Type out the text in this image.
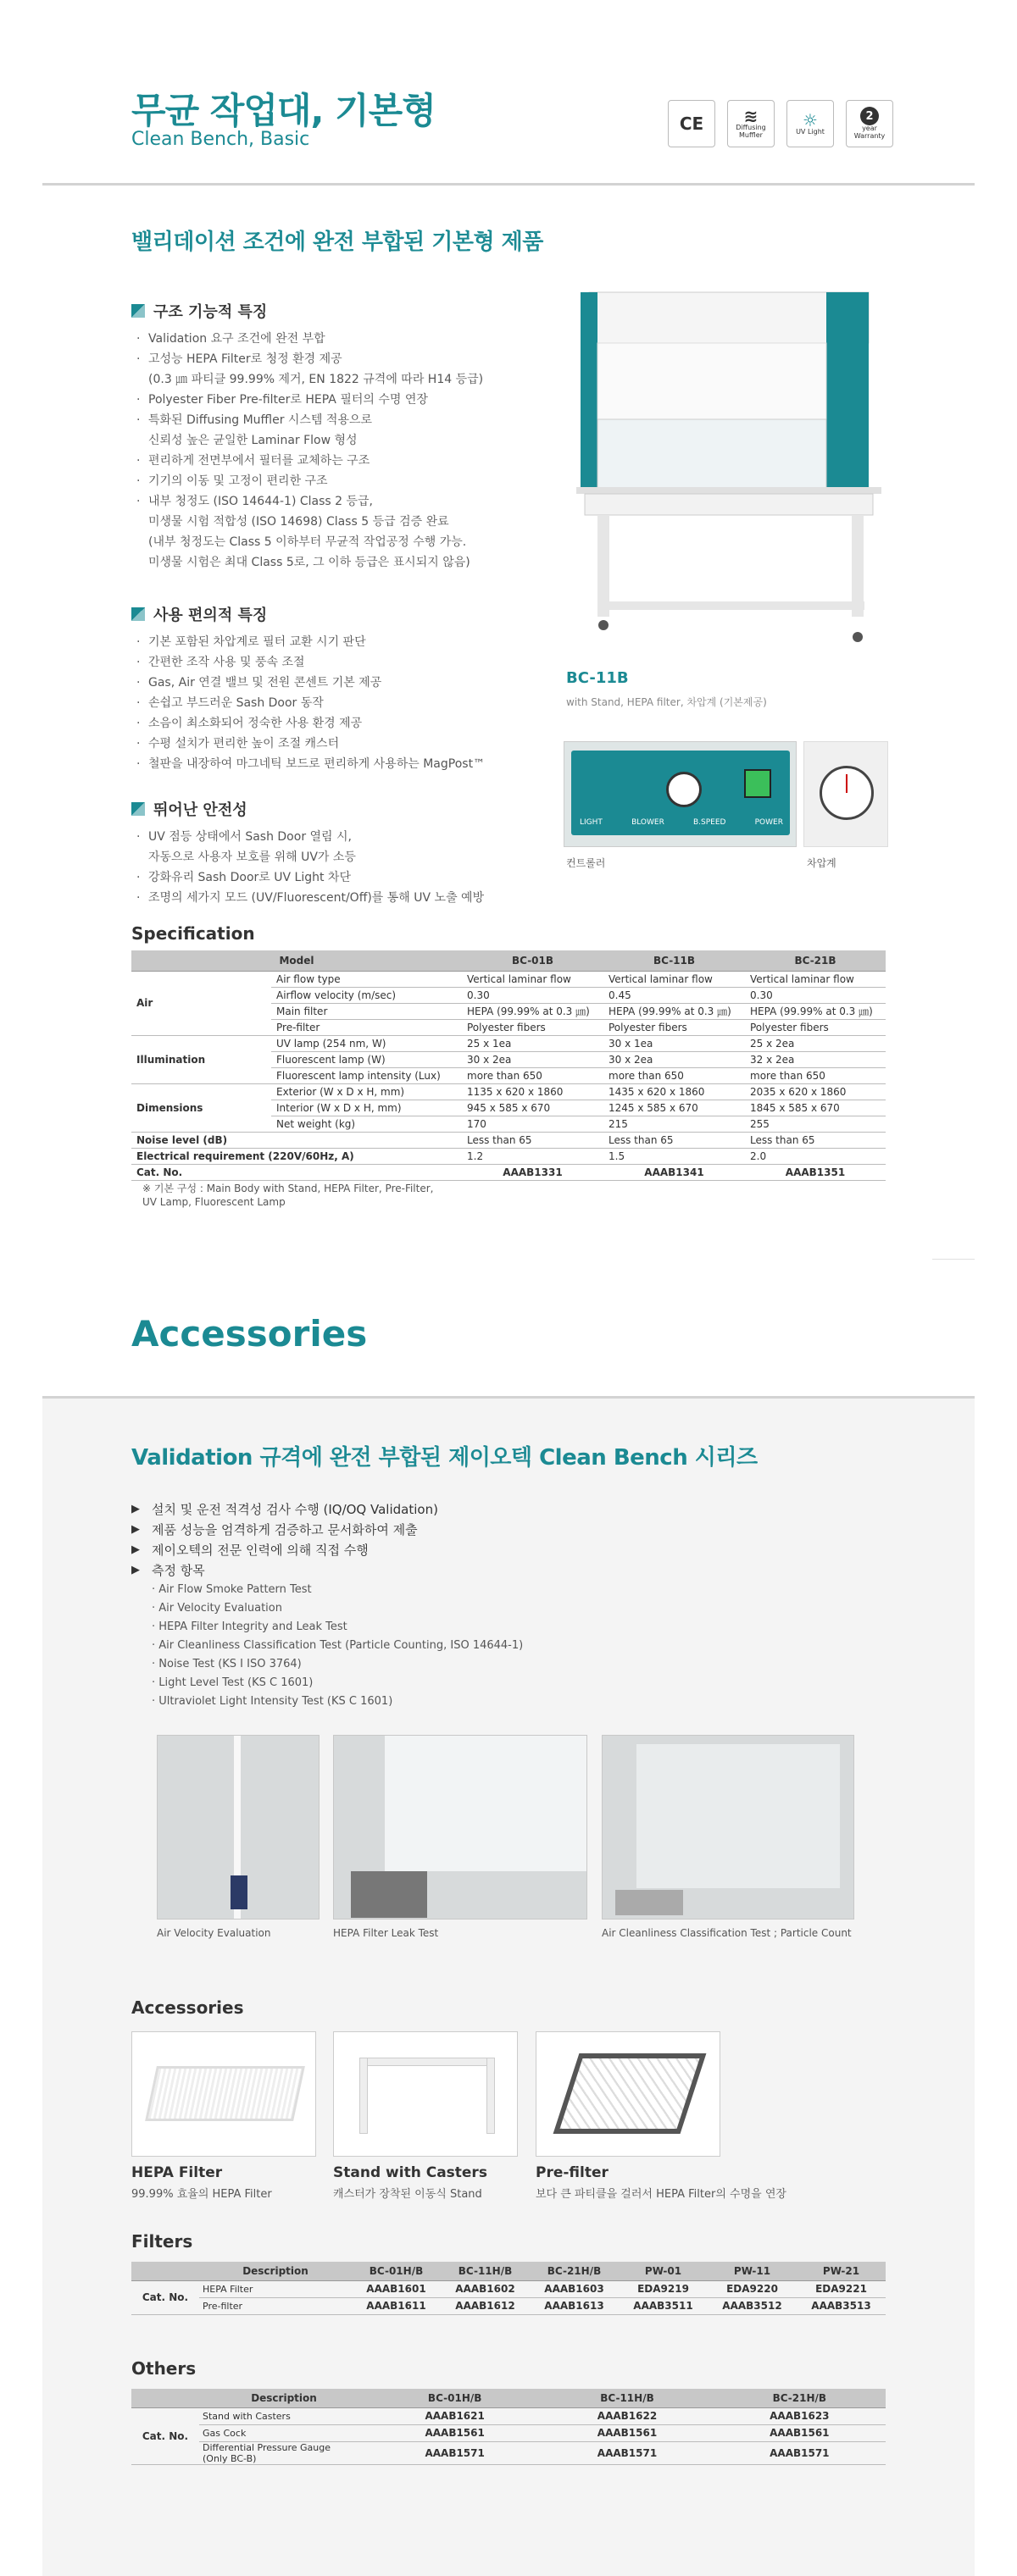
무균 작업대, 기본형
Clean Bench, Basic
CE ≋
Diffusing Muffler
☼
UV Light
2
year Warranty
밸리데이션 조건에 완전 부합된 기본형 제품
구조 기능적 특징
· Validation 요구 조건에 완전 부합
· 고성능 HEPA Filter로 청정 환경 제공
(0.3 ㎛ 파티클 99.99% 제거, EN 1822 규격에 따라 H14 등급)
· Polyester Fiber Pre-filter로 HEPA 필터의 수명 연장
· 특화된 Diffusing Muffler 시스템 적용으로
신뢰성 높은 균일한 Laminar Flow 형성
· 편리하게 전면부에서 필터를 교체하는 구조
· 기기의 이동 및 고정이 편리한 구조
· 내부 청정도 (ISO 14644-1) Class 2 등급,
미생물 시험 적합성 (ISO 14698) Class 5 등급 검증 완료
(내부 청정도는 Class 5 이하부터 무균적 작업공정 수행 가능.
미생물 시험은 최대 Class 5로, 그 이하 등급은 표시되지 않음)
사용 편의적 특징
· 기본 포함된 차압계로 필터 교환 시기 판단
· 간편한 조작 사용 및 풍속 조절
· Gas, Air 연결 밸브 및 전원 콘센트 기본 제공
· 손쉽고 부드러운 Sash Door 동작
· 소음이 최소화되어 정숙한 사용 환경 제공
· 수평 설치가 편리한 높이 조절 캐스터
· 철판을 내장하여 마그네틱 보드로 편리하게 사용하는 MagPost™
뛰어난 안전성
· UV 점등 상태에서 Sash Door 열림 시,
자동으로 사용자 보호를 위해 UV가 소등
· 강화유리 Sash Door로 UV Light 차단
· 조명의 세가지 모드 (UV/Fluorescent/Off)를 통해 UV 노출 예방
BC-11B
with Stand, HEPA filter, 차압계 (기본제공)
LIGHT	BLOWER	B.SPEED	POWER
컨트롤러	차압계
Specification
Model		BC-01B	BC-11B	BC-21B
Air	Air flow type	Vertical laminar flow	Vertical laminar flow	Vertical laminar flow
	Airflow velocity (m/sec)	0.30	0.45	0.30
	Main filter	HEPA (99.99% at 0.3 ㎛)	HEPA (99.99% at 0.3 ㎛)	HEPA (99.99% at 0.3 ㎛)
	Pre-filter	Polyester fibers	Polyester fibers	Polyester fibers
Illumination	UV lamp (254 nm, W)	25 x 1ea	30 x 1ea	25 x 2ea
	Fluorescent lamp (W)	30 x 2ea	30 x 2ea	32 x 2ea
	Fluorescent lamp intensity (Lux)	more than 650	more than 650	more than 650
Dimensions	Exterior (W x D x H, mm)	1135 x 620 x 1860	1435 x 620 x 1860	2035 x 620 x 1860
	Interior (W x D x H, mm)	945 x 585 x 670	1245 x 585 x 670	1845 x 585 x 670
	Net weight (kg)	170	215	255
Noise level (dB)		Less than 65	Less than 65	Less than 65
Electrical requirement (220V/60Hz, A)		1.2	1.5	2.0
Cat. No.		AAAB1331	AAAB1341	AAAB1351
※ 기본 구성 : Main Body with Stand, HEPA Filter, Pre-Filter,
UV Lamp, Fluorescent Lamp
Accessories
Validation 규격에 완전 부합된 제이오텍 Clean Bench 시리즈
▶ 설치 및 운전 적격성 검사 수행 (IQ/OQ Validation)
▶ 제품 성능을 엄격하게 검증하고 문서화하여 제출
▶ 제이오텍의 전문 인력에 의해 직접 수행
▶ 측정 항목
· Air Flow Smoke Pattern Test
· Air Velocity Evaluation
· HEPA Filter Integrity and Leak Test
· Air Cleanliness Classification Test (Particle Counting, ISO 14644-1)
· Noise Test (KS I ISO 3764)
· Light Level Test (KS C 1601)
· Ultraviolet Light Intensity Test (KS C 1601)
Air Velocity Evaluation	HEPA Filter Leak Test	Air Cleanliness Classification Test ; Particle Count
Accessories
HEPA Filter
99.99% 효율의 HEPA Filter
Stand with Casters
캐스터가 장착된 이동식 Stand
Pre-filter
보다 큰 파티클을 걸러서 HEPA Filter의 수명을 연장
Filters
	Description	BC-01H/B	BC-11H/B	BC-21H/B	PW-01	PW-11	PW-21
Cat. No.	HEPA Filter	AAAB1601	AAAB1602	AAAB1603	EDA9219	EDA9220	EDA9221
	Pre-filter	AAAB1611	AAAB1612	AAAB1613	AAAB3511	AAAB3512	AAAB3513
Others
	Description	BC-01H/B	BC-11H/B	BC-21H/B
Cat. No.	Stand with Casters	AAAB1621	AAAB1622	AAAB1623
	Gas Cock	AAAB1561	AAAB1561	AAAB1561
	Differential Pressure Gauge
(Only BC-B)	AAAB1571	AAAB1571	AAAB1571
